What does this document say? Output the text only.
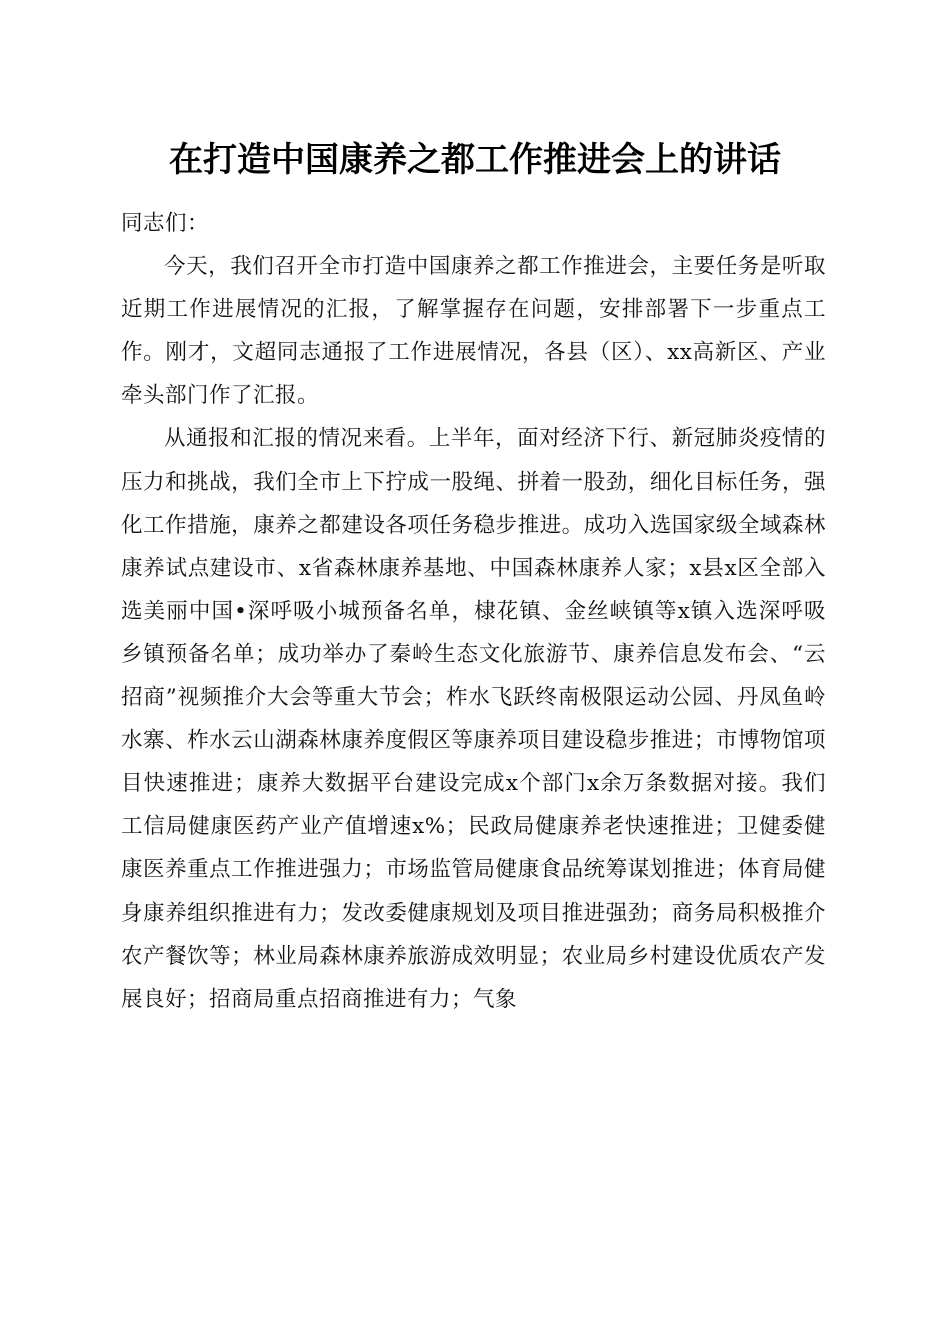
在打造中国康养之都工作推进会上的讲话

同志们：

今天，我们召开全市打造中国康养之都工作推进会，主要任务是听取近期工作进展情况的汇报，了解掌握存在问题，安排部署下一步重点工作。刚才，文超同志通报了工作进展情况，各县（区）、xx高新区、产业牵头部门作了汇报。

从通报和汇报的情况来看。上半年，面对经济下行、新冠肺炎疫情的压力和挑战，我们全市上下拧成一股绳、拼着一股劲，细化目标任务，强化工作措施，康养之都建设各项任务稳步推进。成功入选国家级全域森林康养试点建设市、x省森林康养基地、中国森林康养人家；x县x区全部入选美丽中国•深呼吸小城预备名单，棣花镇、金丝峡镇等x镇入选深呼吸乡镇预备名单；成功举办了秦岭生态文化旅游节、康养信息发布会、“云招商”视频推介大会等重大节会；柞水飞跃终南极限运动公园、丹凤鱼岭水寨、柞水云山湖森林康养度假区等康养项目建设稳步推进；市博物馆项目快速推进；康养大数据平台建设完成x个部门x余万条数据对接。我们工信局健康医药产业产值增速x%；民政局健康养老快速推进；卫健委健康医养重点工作推进强力；市场监管局健康食品统筹谋划推进；体育局健身康养组织推进有力；发改委健康规划及项目推进强劲；商务局积极推介农产餐饮等；林业局森林康养旅游成效明显；农业局乡村建设优质农产发展良好；招商局重点招商推进有力；气象
